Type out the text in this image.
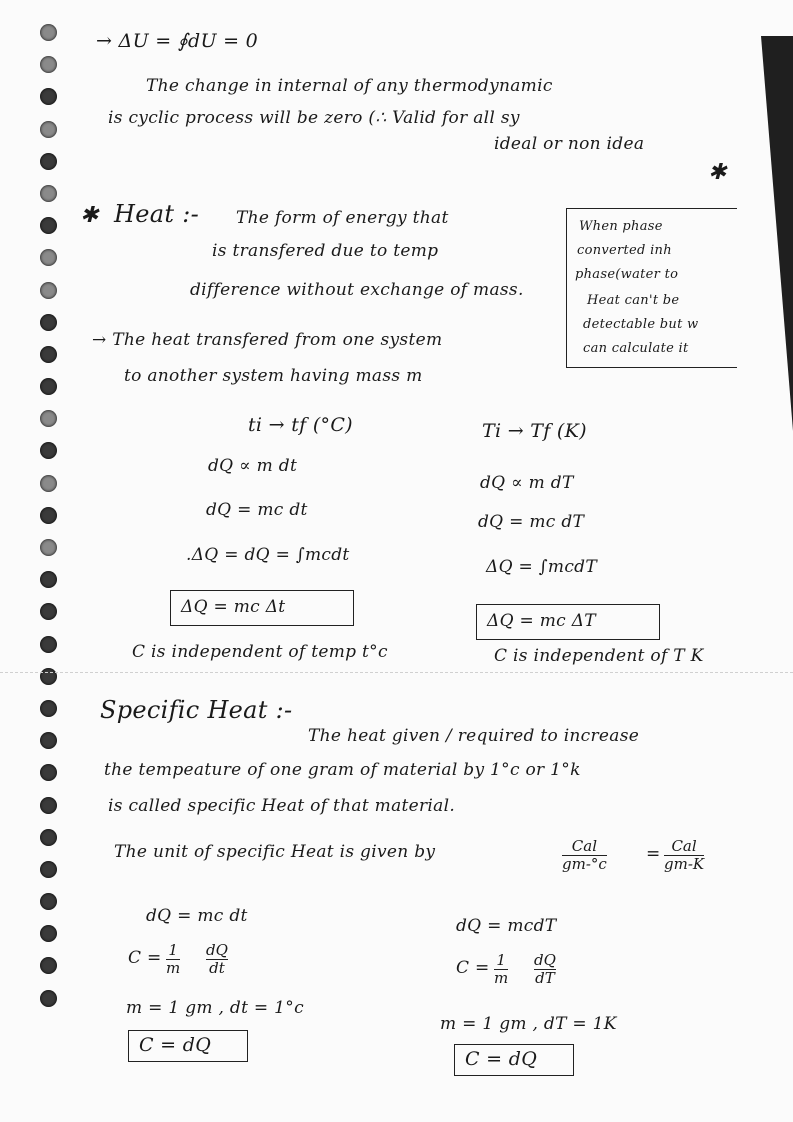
→ ΔU = ∮dU = 0
The change in internal of any thermodynamic
is cyclic process will be zero (∴ Valid for all sy
ideal or non idea
✱
✱
Heat :- The form of energy that
is transfered due to temp
difference without exchange of mass.
When phase
converted inh
phase(water to
Heat can't be
detectable but w
can calculate it
→ The heat transfered from one system
to another system having mass m
ti → tf (°C)	Ti → Tf (K)
dQ ∝ m dt
dQ ∝ m dT
dQ = mc dt
dQ = mc dT
.ΔQ = dQ = ∫mcdt
ΔQ = ∫mcdT
ΔQ = mc Δt
ΔQ = mc ΔT
C is independent of temp t°c	C is independent of T K
Specific Heat :-
The heat given / required to increase
the tempeature of one gram of material by 1°c or 1°k
is called specific Heat of that material.
The unit of specific Heat is given by	Cal
gm-°c = Cal
gm-K
dQ = mc dt	dQ = mcdT
C = 1
m
dQ
dt	C = 1
m
dQ
dT
m = 1 gm , dt = 1°c
m = 1 gm , dT = 1K
C = dQ
C = dQ
